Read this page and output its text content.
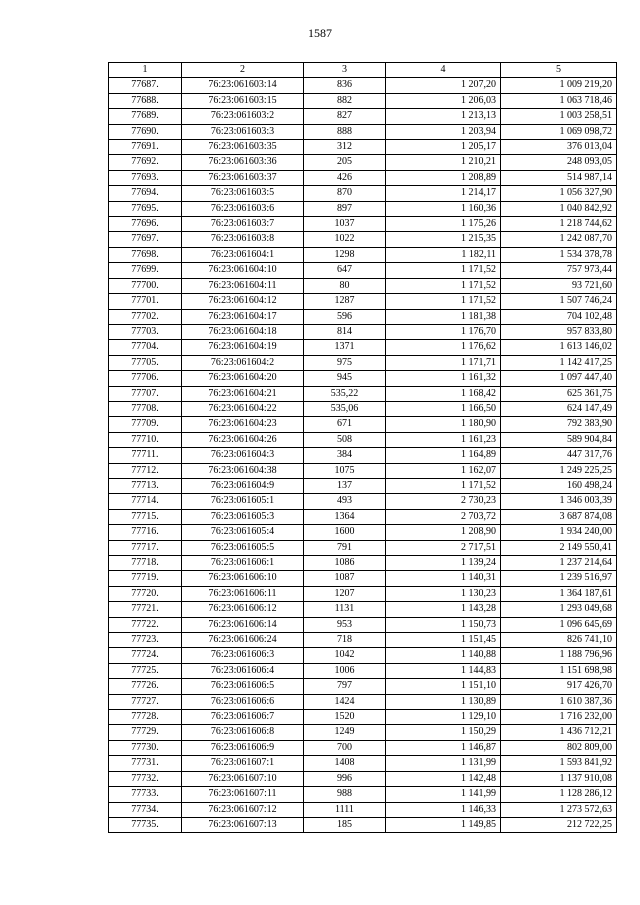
1587
1	2	3	4	5
77687.	76:23:061603:14	836	1 207,20	1 009 219,20
77688.	76:23:061603:15	882	1 206,03	1 063 718,46
77689.	76:23:061603:2	827	1 213,13	1 003 258,51
77690.	76:23:061603:3	888	1 203,94	1 069 098,72
77691.	76:23:061603:35	312	1 205,17	376 013,04
77692.	76:23:061603:36	205	1 210,21	248 093,05
77693.	76:23:061603:37	426	1 208,89	514 987,14
77694.	76:23:061603:5	870	1 214,17	1 056 327,90
77695.	76:23:061603:6	897	1 160,36	1 040 842,92
77696.	76:23:061603:7	1037	1 175,26	1 218 744,62
77697.	76:23:061603:8	1022	1 215,35	1 242 087,70
77698.	76:23:061604:1	1298	1 182,11	1 534 378,78
77699.	76:23:061604:10	647	1 171,52	757 973,44
77700.	76:23:061604:11	80	1 171,52	93 721,60
77701.	76:23:061604:12	1287	1 171,52	1 507 746,24
77702.	76:23:061604:17	596	1 181,38	704 102,48
77703.	76:23:061604:18	814	1 176,70	957 833,80
77704.	76:23:061604:19	1371	1 176,62	1 613 146,02
77705.	76:23:061604:2	975	1 171,71	1 142 417,25
77706.	76:23:061604:20	945	1 161,32	1 097 447,40
77707.	76:23:061604:21	535,22	1 168,42	625 361,75
77708.	76:23:061604:22	535,06	1 166,50	624 147,49
77709.	76:23:061604:23	671	1 180,90	792 383,90
77710.	76:23:061604:26	508	1 161,23	589 904,84
77711.	76:23:061604:3	384	1 164,89	447 317,76
77712.	76:23:061604:38	1075	1 162,07	1 249 225,25
77713.	76:23:061604:9	137	1 171,52	160 498,24
77714.	76:23:061605:1	493	2 730,23	1 346 003,39
77715.	76:23:061605:3	1364	2 703,72	3 687 874,08
77716.	76:23:061605:4	1600	1 208,90	1 934 240,00
77717.	76:23:061605:5	791	2 717,51	2 149 550,41
77718.	76:23:061606:1	1086	1 139,24	1 237 214,64
77719.	76:23:061606:10	1087	1 140,31	1 239 516,97
77720.	76:23:061606:11	1207	1 130,23	1 364 187,61
77721.	76:23:061606:12	1131	1 143,28	1 293 049,68
77722.	76:23:061606:14	953	1 150,73	1 096 645,69
77723.	76:23:061606:24	718	1 151,45	826 741,10
77724.	76:23:061606:3	1042	1 140,88	1 188 796,96
77725.	76:23:061606:4	1006	1 144,83	1 151 698,98
77726.	76:23:061606:5	797	1 151,10	917 426,70
77727.	76:23:061606:6	1424	1 130,89	1 610 387,36
77728.	76:23:061606:7	1520	1 129,10	1 716 232,00
77729.	76:23:061606:8	1249	1 150,29	1 436 712,21
77730.	76:23:061606:9	700	1 146,87	802 809,00
77731.	76:23:061607:1	1408	1 131,99	1 593 841,92
77732.	76:23:061607:10	996	1 142,48	1 137 910,08
77733.	76:23:061607:11	988	1 141,99	1 128 286,12
77734.	76:23:061607:12	1111	1 146,33	1 273 572,63
77735.	76:23:061607:13	185	1 149,85	212 722,25
